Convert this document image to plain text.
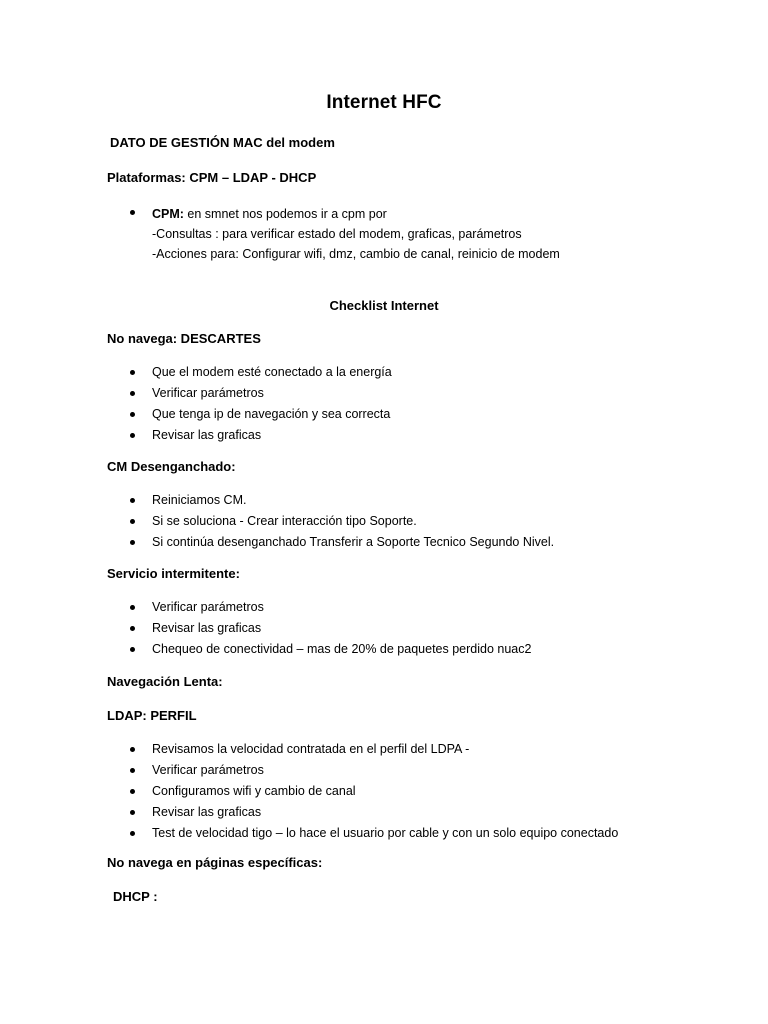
Internet HFC
DATO DE GESTIÓN MAC del modem
Plataformas: CPM – LDAP - DHCP
CPM: en smnet nos podemos ir a cpm por
-Consultas : para verificar estado del modem, graficas, parámetros
-Acciones para: Configurar wifi, dmz, cambio de canal, reinicio de modem
Checklist Internet
No navega: DESCARTES
Que el modem esté conectado a la energía
Verificar parámetros
Que tenga ip de navegación y sea correcta
Revisar las graficas
CM Desenganchado:
Reiniciamos CM.
Si se soluciona - Crear interacción tipo Soporte.
Si continúa desenganchado Transferir a Soporte Tecnico Segundo Nivel.
Servicio intermitente:
Verificar parámetros
Revisar las graficas
Chequeo de conectividad – mas de 20% de paquetes perdido nuac2
Navegación Lenta:
LDAP: PERFIL
Revisamos la velocidad contratada en el perfil del LDPA -
Verificar parámetros
Configuramos wifi y cambio de canal
Revisar las graficas
Test de velocidad tigo – lo hace el usuario por cable y con un solo equipo conectado
No navega en páginas específicas:
DHCP :
